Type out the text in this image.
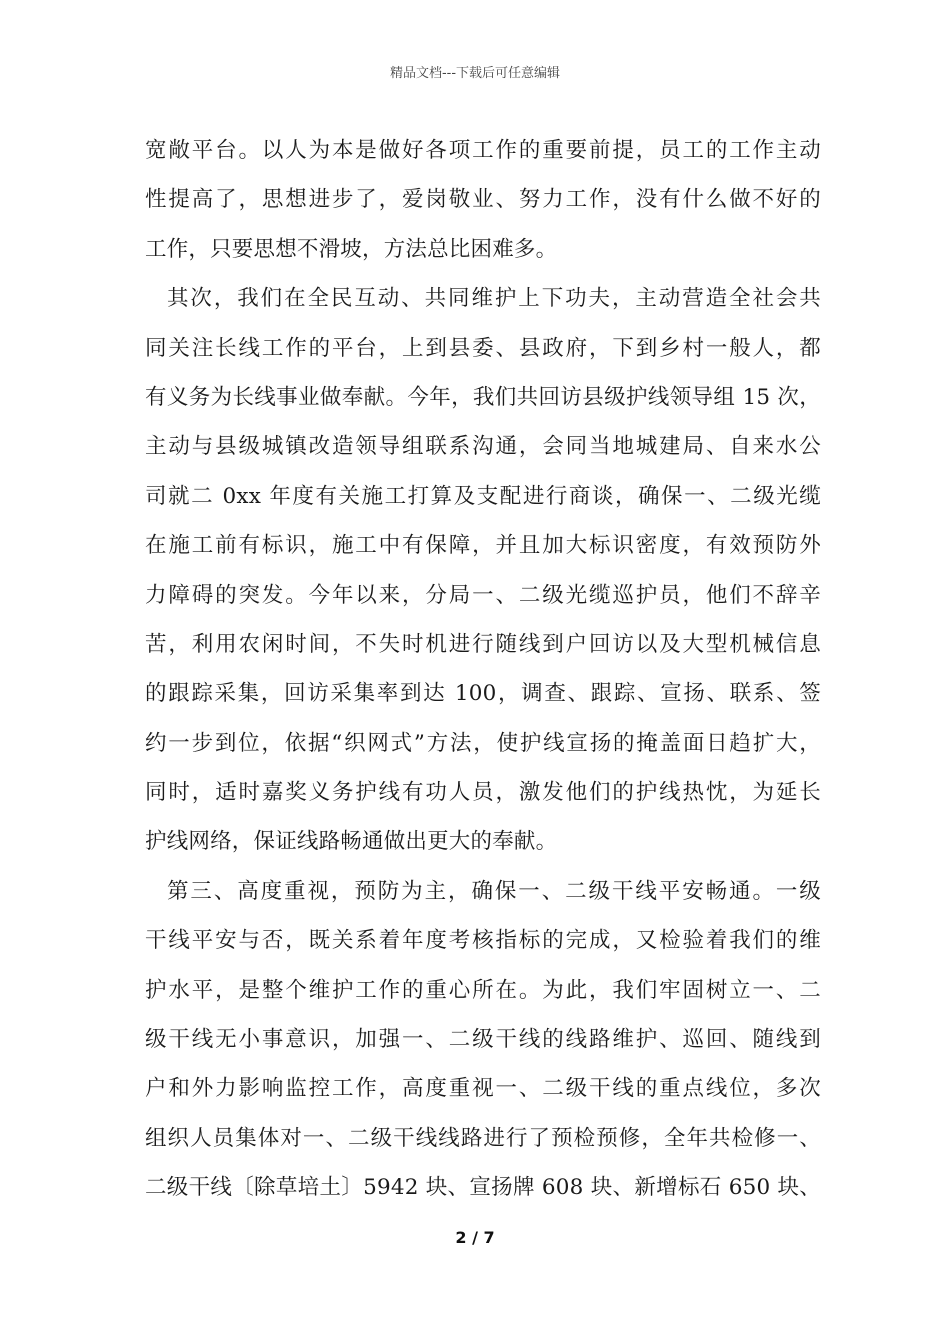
精品文档---下载后可任意编辑
宽敞平台。以人为本是做好各项工作的重要前提，员工的工作主动
性提高了，思想进步了，爱岗敬业、努力工作，没有什么做不好的
工作，只要思想不滑坡，方法总比困难多。
其次，我们在全民互动、共同维护上下功夫，主动营造全社会共
同关注长线工作的平台，上到县委、县政府，下到乡村一般人，都
有义务为长线事业做奉献。今年，我们共回访县级护线领导组 15 次，
主动与县级城镇改造领导组联系沟通，会同当地城建局、自来水公
司就二 0xx 年度有关施工打算及支配进行商谈，确保一、二级光缆
在施工前有标识，施工中有保障，并且加大标识密度，有效预防外
力障碍的突发。今年以来，分局一、二级光缆巡护员，他们不辞辛
苦，利用农闲时间，不失时机进行随线到户回访以及大型机械信息
的跟踪采集，回访采集率到达 100，调查、跟踪、宣扬、联系、签
约一步到位，依据“织网式”方法，使护线宣扬的掩盖面日趋扩大，
同时，适时嘉奖义务护线有功人员，激发他们的护线热忱，为延长
护线网络，保证线路畅通做出更大的奉献。
第三、高度重视，预防为主，确保一、二级干线平安畅通。一级
干线平安与否，既关系着年度考核指标的完成，又检验着我们的维
护水平，是整个维护工作的重心所在。为此，我们牢固树立一、二
级干线无小事意识，加强一、二级干线的线路维护、巡回、随线到
户和外力影响监控工作，高度重视一、二级干线的重点线位，多次
组织人员集体对一、二级干线线路进行了预检预修，全年共检修一、
二级干线〔除草培土〕5942 块、宣扬牌 608 块、新增标石 650 块、
2 / 7
